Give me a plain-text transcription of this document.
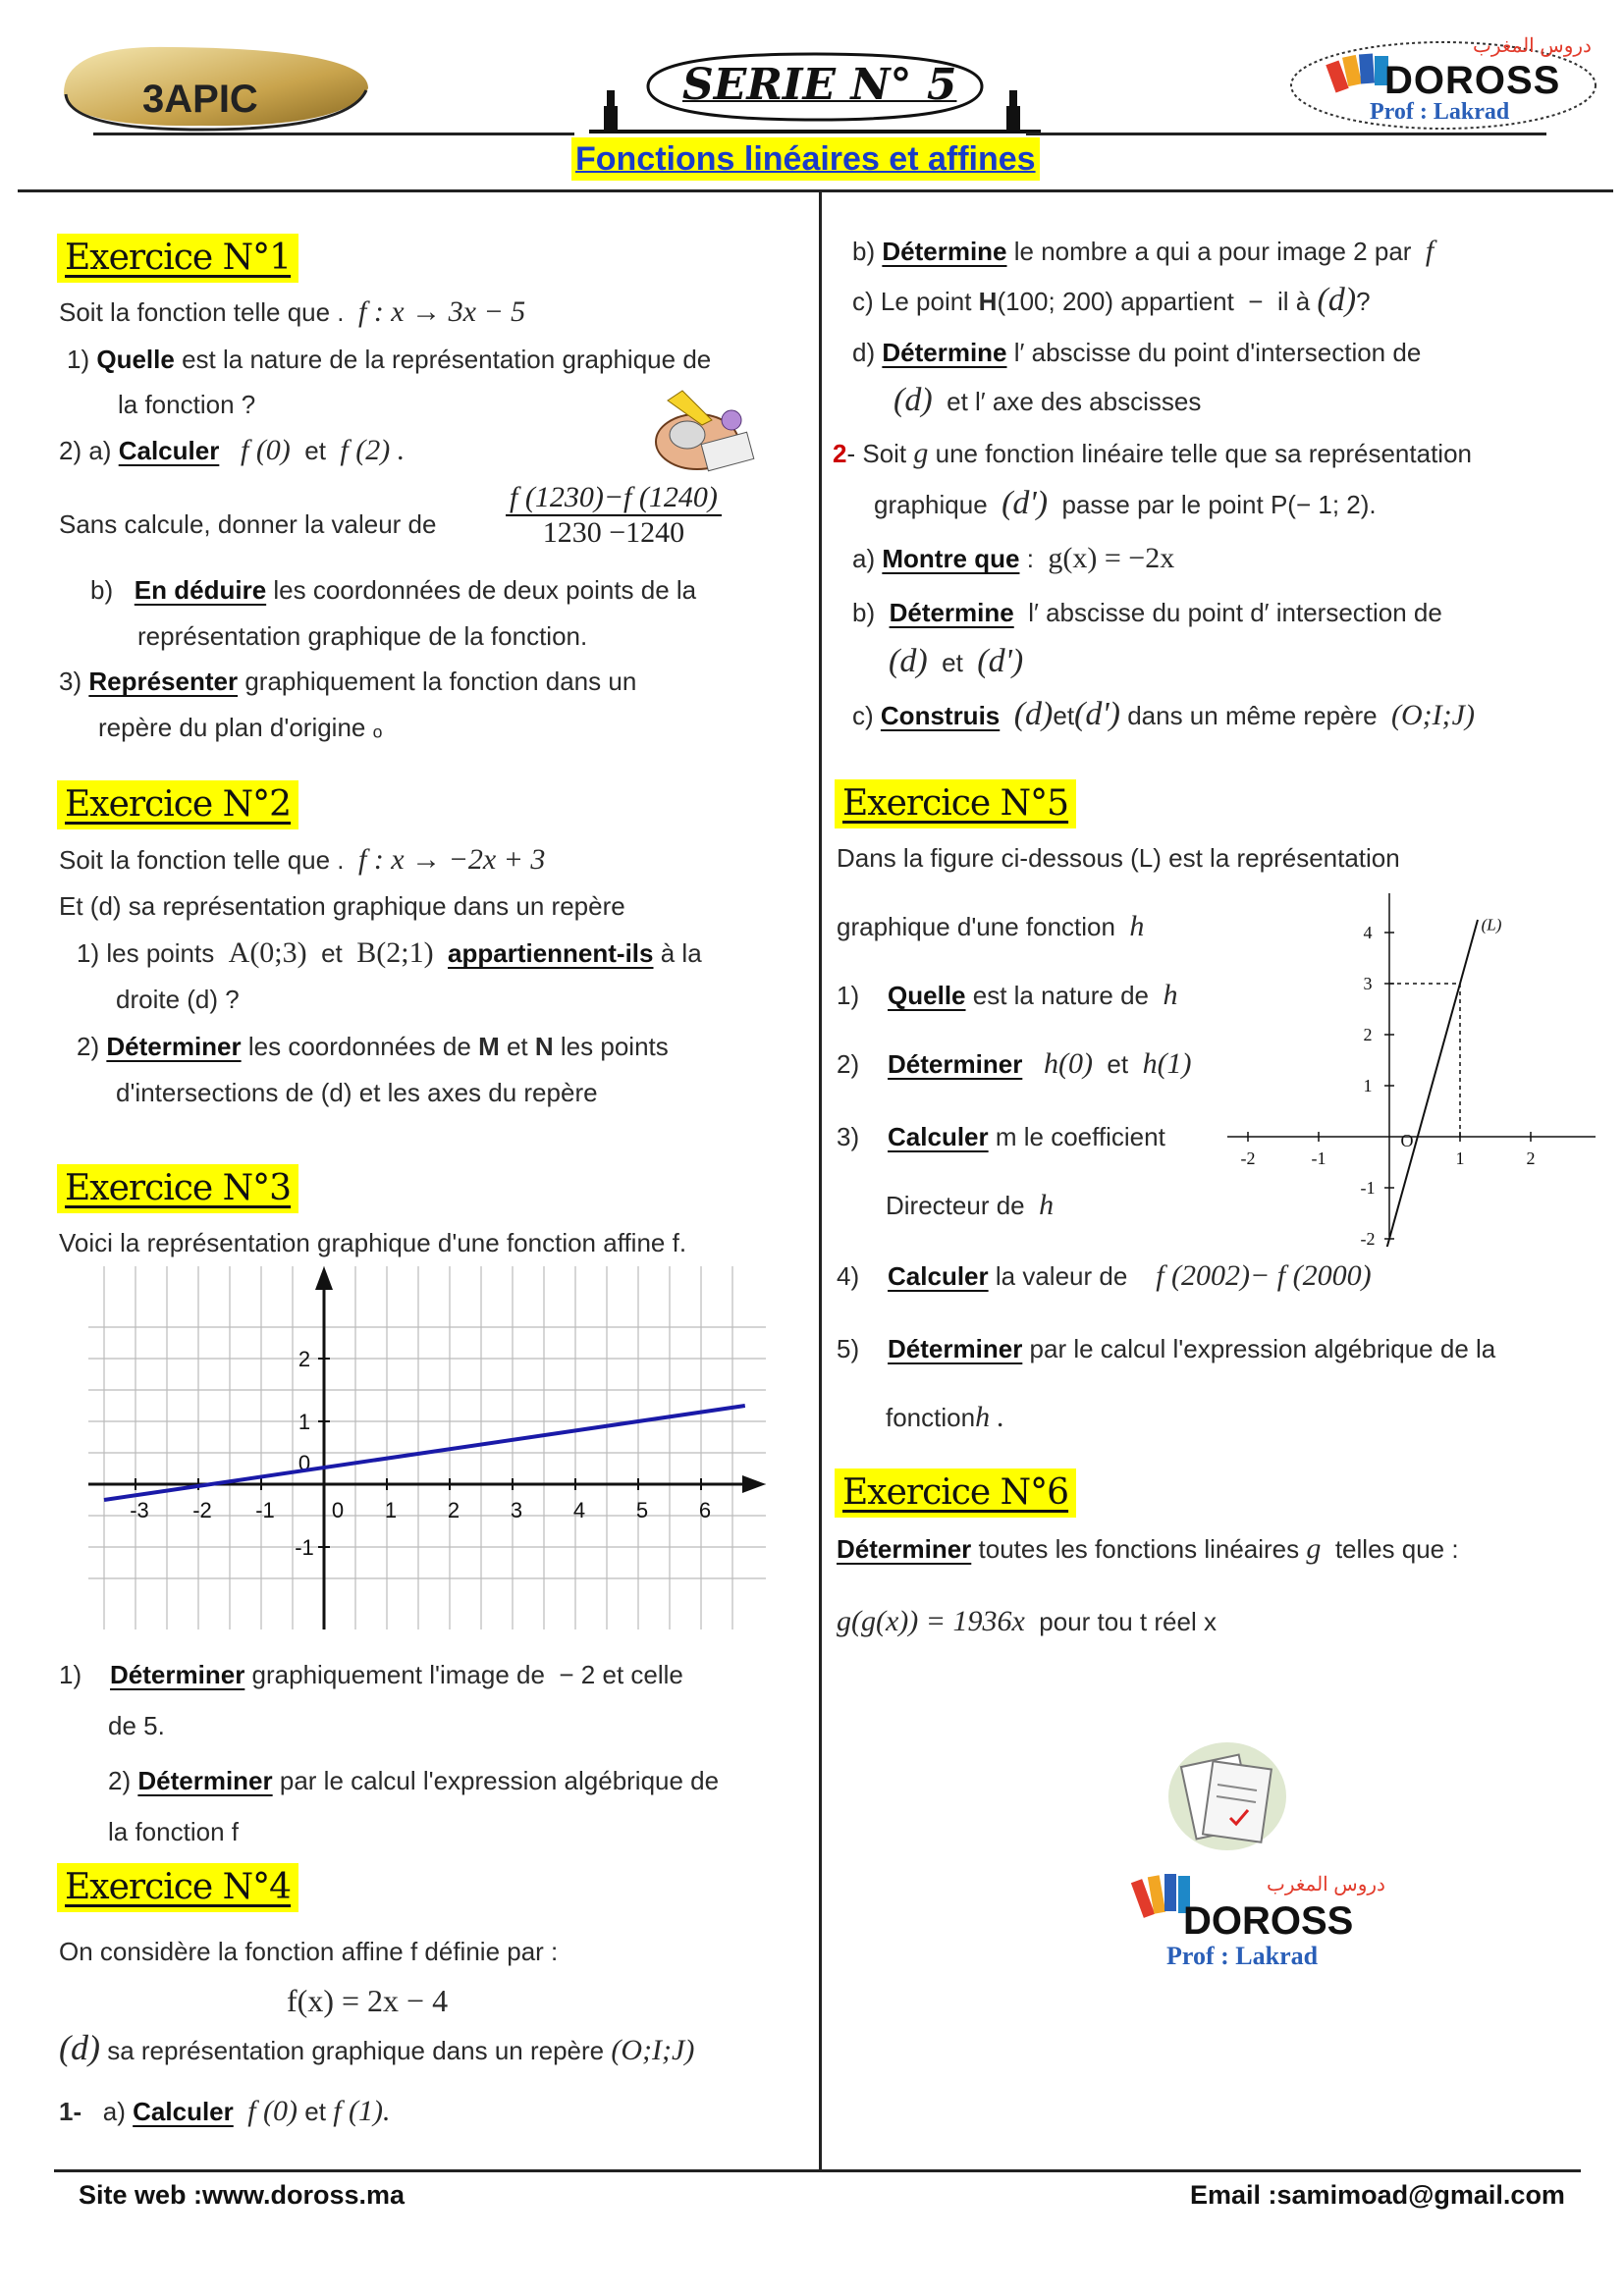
3APIC	SERIE N° 5	DOROSS
دروس المغرب
Prof : Lakrad
Fonctions linéaires et affines
Exercice N°1
Soit la fonction telle que . f : x → 3x − 5
1) Quelle est la nature de la représentation graphique de
la fonction ?
2) a) Calculer f (0) et f (2) .
Sans calcule, donner la valeur de $\frac{f (1230)-f (1240)}{1230 -1240}$
b) En déduire les coordonnées de deux points de la
représentation graphique de la fonction.
3) Représenter graphiquement la fonction dans un
repère du plan d'origine ₒ
Exercice N°2
Soit la fonction telle que . f : x → −2x + 3
Et (d) sa représentation graphique dans un repère
1) les points A(0;3) et B(2;1) appartiennent-ils à la
droite (d) ?
2) Déterminer les coordonnées de M et N les points
d'intersections de (d) et les axes du repère
Exercice N°3
Voici la représentation graphique d'une fonction affine f.
-3 -2 -1	0 1 2 3 4 5 6
2
1
0
-1
1) Déterminer graphiquement l'image de − 2 et celle
de 5.
2) Déterminer par le calcul l'expression algébrique de
la fonction f
Exercice N°4
On considère la fonction affine f définie par :
f(x) = 2x − 4
(d) sa représentation graphique dans un repère (O;I;J)
1- a) Calculer f (0) et f (1).
b) Détermine le nombre a qui a pour image 2 par f
c) Le point H(100; 200) appartient − il à (d)?
d) Détermine l′ abscisse du point d'intersection de
(d) et l′ axe des abscisses
2- Soit g une fonction linéaire telle que sa représentation
graphique (d') passe par le point P(− 1; 2).
a) Montre que : g(x) = −2x
b) Détermine l′ abscisse du point d′ intersection de
(d) et (d')
c) Construis (d)et(d') dans un même repère (O;I;J)
Exercice N°5
Dans la figure ci-dessous (L) est la représentation
graphique d'une fonction h
1) Quelle est la nature de h
2) Déterminer h(0) et h(1)
3) Calculer m le coefficient
Directeur de h
4) Calculer la valeur de f (2002)− f (2000)
5) Déterminer par le calcul l'expression algébrique de la
fonctionh .
-2	-1	1	2
4
3
2
1
-1
-2
O
(L)
Exercice N°6
Déterminer toutes les fonctions linéaires g telles que :
g(g(x)) = 1936x pour tou t réel x
DOROSS
دروس المغرب
Prof : Lakrad
Site web :www.doross.ma	Email :samimoad@gmail.com
